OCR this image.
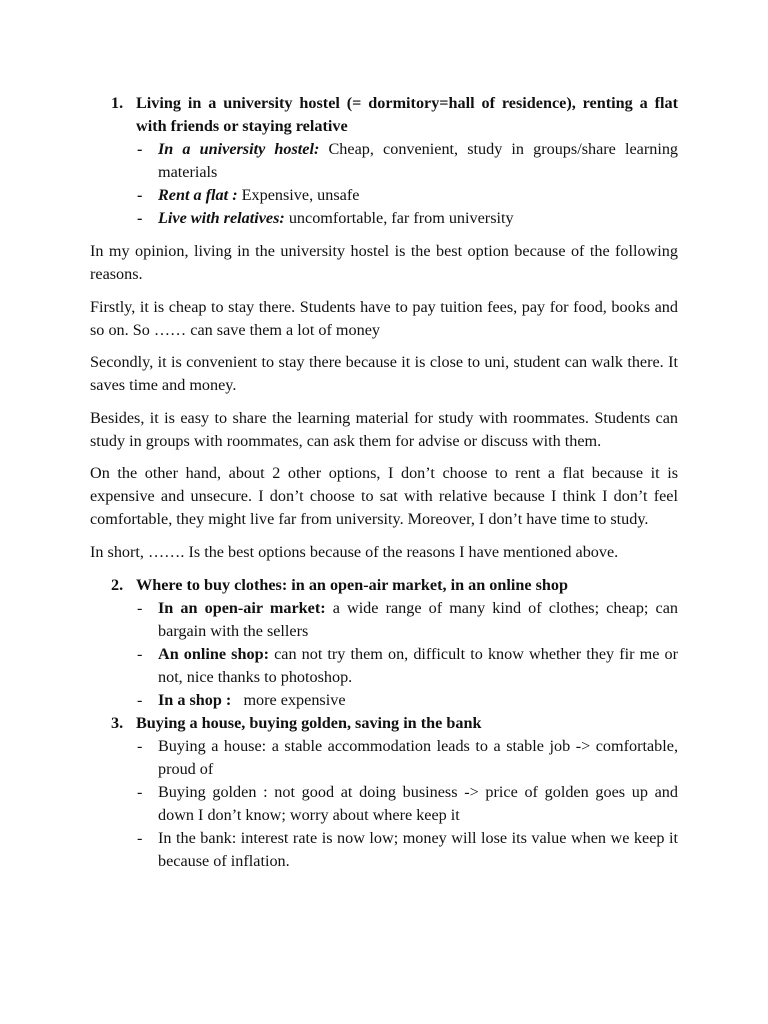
1. Living in a university hostel (= dormitory=hall of residence), renting a flat with friends or staying relative
- In a university hostel: Cheap, convenient, study in groups/share learning materials
- Rent a flat : Expensive, unsafe
- Live with relatives: uncomfortable, far from university

In my opinion, living in the university hostel is the best option because of the following reasons.

Firstly, it is cheap to stay there. Students have to pay tuition fees, pay for food, books and so on. So …… can save them a lot of money

Secondly, it is convenient to stay there because it is close to uni, student can walk there. It saves time and money.

Besides, it is easy to share the learning material for study with roommates. Students can study in groups with roommates, can ask them for advise or discuss with them.

On the other hand, about 2 other options, I don’t choose to rent a flat because it is expensive and unsecure. I don’t choose to sat with relative because I think I don’t feel comfortable, they might live far from university. Moreover, I don’t have time to study.

In short, ……. Is the best options because of the reasons I have mentioned above.

2. Where to buy clothes: in an open-air market, in an online shop
- In an open-air market: a wide range of many kind of clothes; cheap; can bargain with the sellers
- An online shop: can not try them on, difficult to know whether they fir me or not, nice thanks to photoshop.
- In a shop :   more expensive
3. Buying a house, buying golden, saving in the bank
- Buying a house: a stable accommodation leads to a stable job -> comfortable, proud of
- Buying golden : not good at doing business -> price of golden goes up and down I don’t know; worry about where keep it
- In the bank: interest rate is now low; money will lose its value when we keep it because of inflation.
